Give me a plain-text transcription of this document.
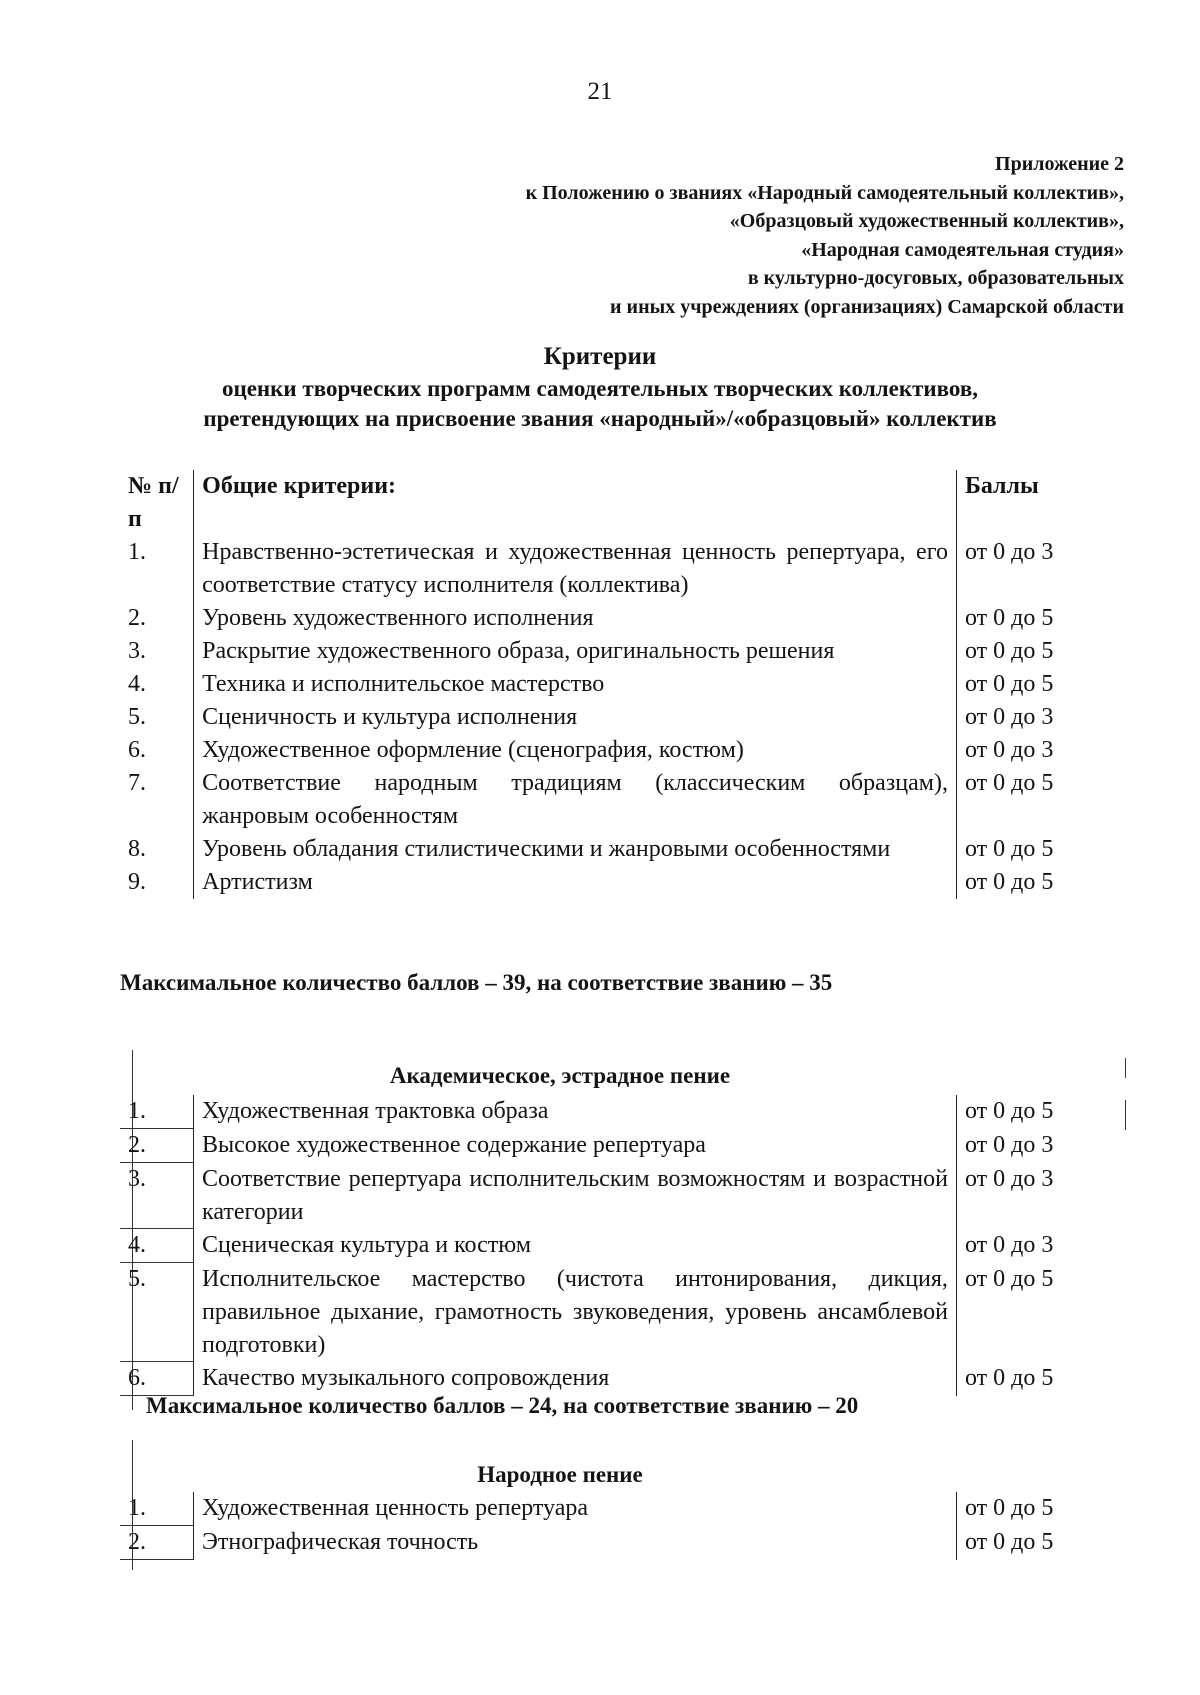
21
Приложение 2
к Положению о званиях «Народный самодеятельный коллектив»,
«Образцовый художественный коллектив»,
«Народная самодеятельная студия»
в культурно-досуговых, образовательных
и иных учреждениях (организациях) Самарской области
Критерии
оценки творческих программ самодеятельных творческих коллективов,
претендующих на присвоение звания «народный»/«образцовый» коллектив
№ п/п	Общие критерии:	Баллы
1.	Нравственно-эстетическая и художественная ценность репертуара, его соответствие статусу исполнителя (коллектива)	от 0 до 3
2.	Уровень художественного исполнения	от 0 до 5
3.	Раскрытие художественного образа, оригинальность решения	от 0 до 5
4.	Техника и исполнительское мастерство	от 0 до 5
5.	Сценичность и культура исполнения	от 0 до 3
6.	Художественное оформление (сценография, костюм)	от 0 до 3
7.	Соответствие народным традициям (классическим образцам), жанровым особенностям	от 0 до 5
8.	Уровень обладания стилистическими и жанровыми особенностями	от 0 до 5
9.	Артистизм	от 0 до 5
Максимальное количество баллов – 39, на соответствие званию – 35
Академическое, эстрадное пение
1.	Художественная трактовка образа	от 0 до 5
2.	Высокое художественное содержание репертуара	от 0 до 3
3.	Соответствие репертуара исполнительским возможностям и возрастной категории	от 0 до 3
4.	Сценическая культура и костюм	от 0 до 3
5.	Исполнительское мастерство (чистота интонирования, дикция, правильное дыхание, грамотность звуковедения, уровень ансамблевой подготовки)	от 0 до 5
6.	Качество музыкального сопровождения	от 0 до 5
Максимальное количество баллов – 24, на соответствие званию – 20
Народное пение
1.	Художественная ценность репертуара	от 0 до 5
2.	Этнографическая точность	от 0 до 5
